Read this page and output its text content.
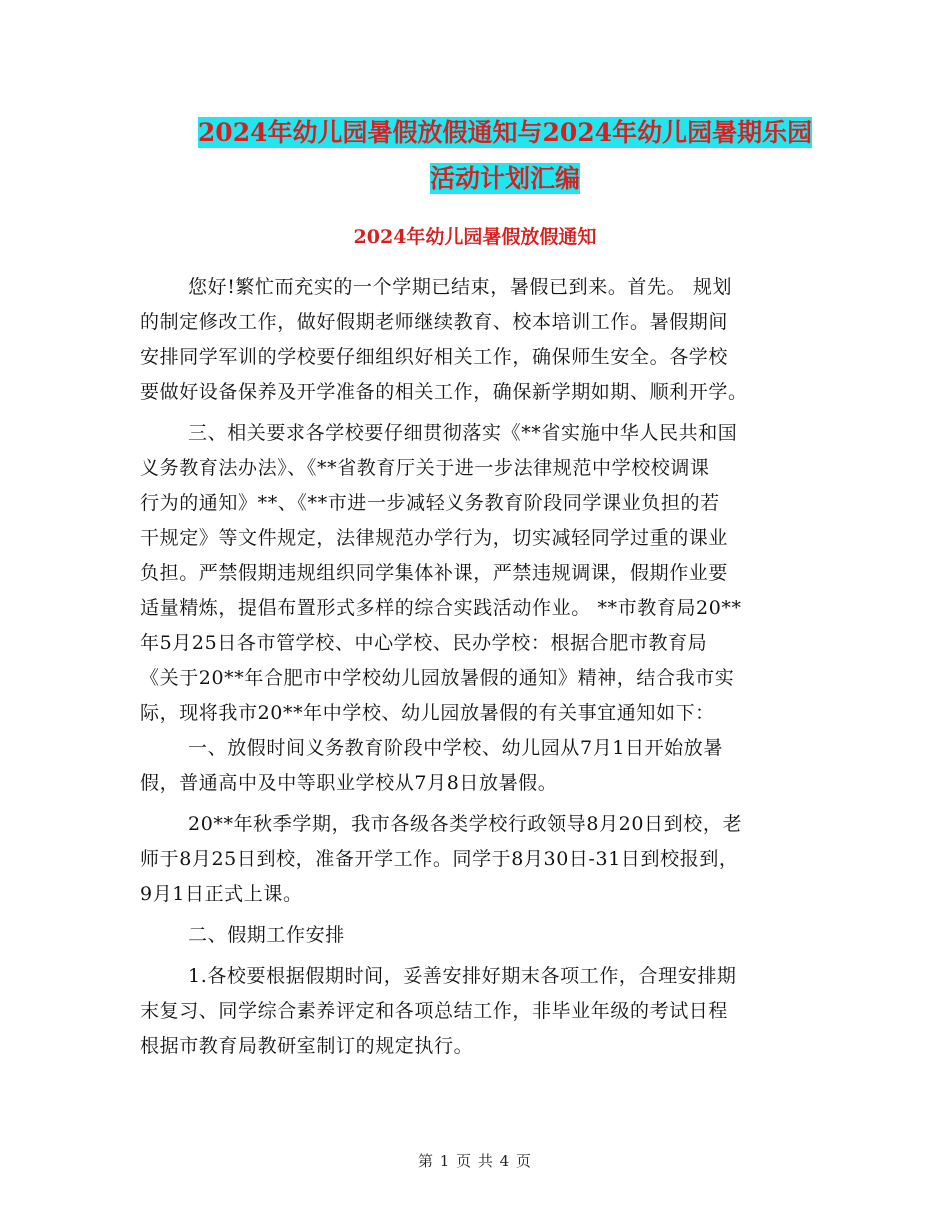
2024年幼儿园暑假放假通知与2024年幼儿园暑期乐园
活动计划汇编
2024年幼儿园暑假放假通知
您好!繁忙而充实的一个学期已结束，暑假已到来。首先。 规划
的制定修改工作，做好假期老师继续教育、校本培训工作。暑假期间
安排同学军训的学校要仔细组织好相关工作，确保师生安全。各学校
要做好设备保养及开学准备的相关工作，确保新学期如期、顺利开学。
三、相关要求各学校要仔细贯彻落实《**省实施中华人民共和国
义务教育法办法》、《**省教育厅关于进一步法律规范中学校校调课
行为的通知》**、《**市进一步减轻义务教育阶段同学课业负担的若
干规定》等文件规定，法律规范办学行为，切实减轻同学过重的课业
负担。严禁假期违规组织同学集体补课，严禁违规调课，假期作业要
适量精炼，提倡布置形式多样的综合实践活动作业。 **市教育局20**
年5月25日各市管学校、中心学校、民办学校：根据合肥市教育局
《关于20**年合肥市中学校幼儿园放暑假的通知》精神，结合我市实
际，现将我市20**年中学校、幼儿园放暑假的有关事宜通知如下：
一、放假时间义务教育阶段中学校、幼儿园从7月1日开始放暑
假，普通高中及中等职业学校从7月8日放暑假。
20**年秋季学期，我市各级各类学校行政领导8月20日到校，老
师于8月25日到校，准备开学工作。同学于8月30日-31日到校报到，
9月1日正式上课。
二、假期工作安排
1.各校要根据假期时间，妥善安排好期末各项工作，合理安排期
末复习、同学综合素养评定和各项总结工作，非毕业年级的考试日程
根据市教育局教研室制订的规定执行。
第 1 页 共 4 页
